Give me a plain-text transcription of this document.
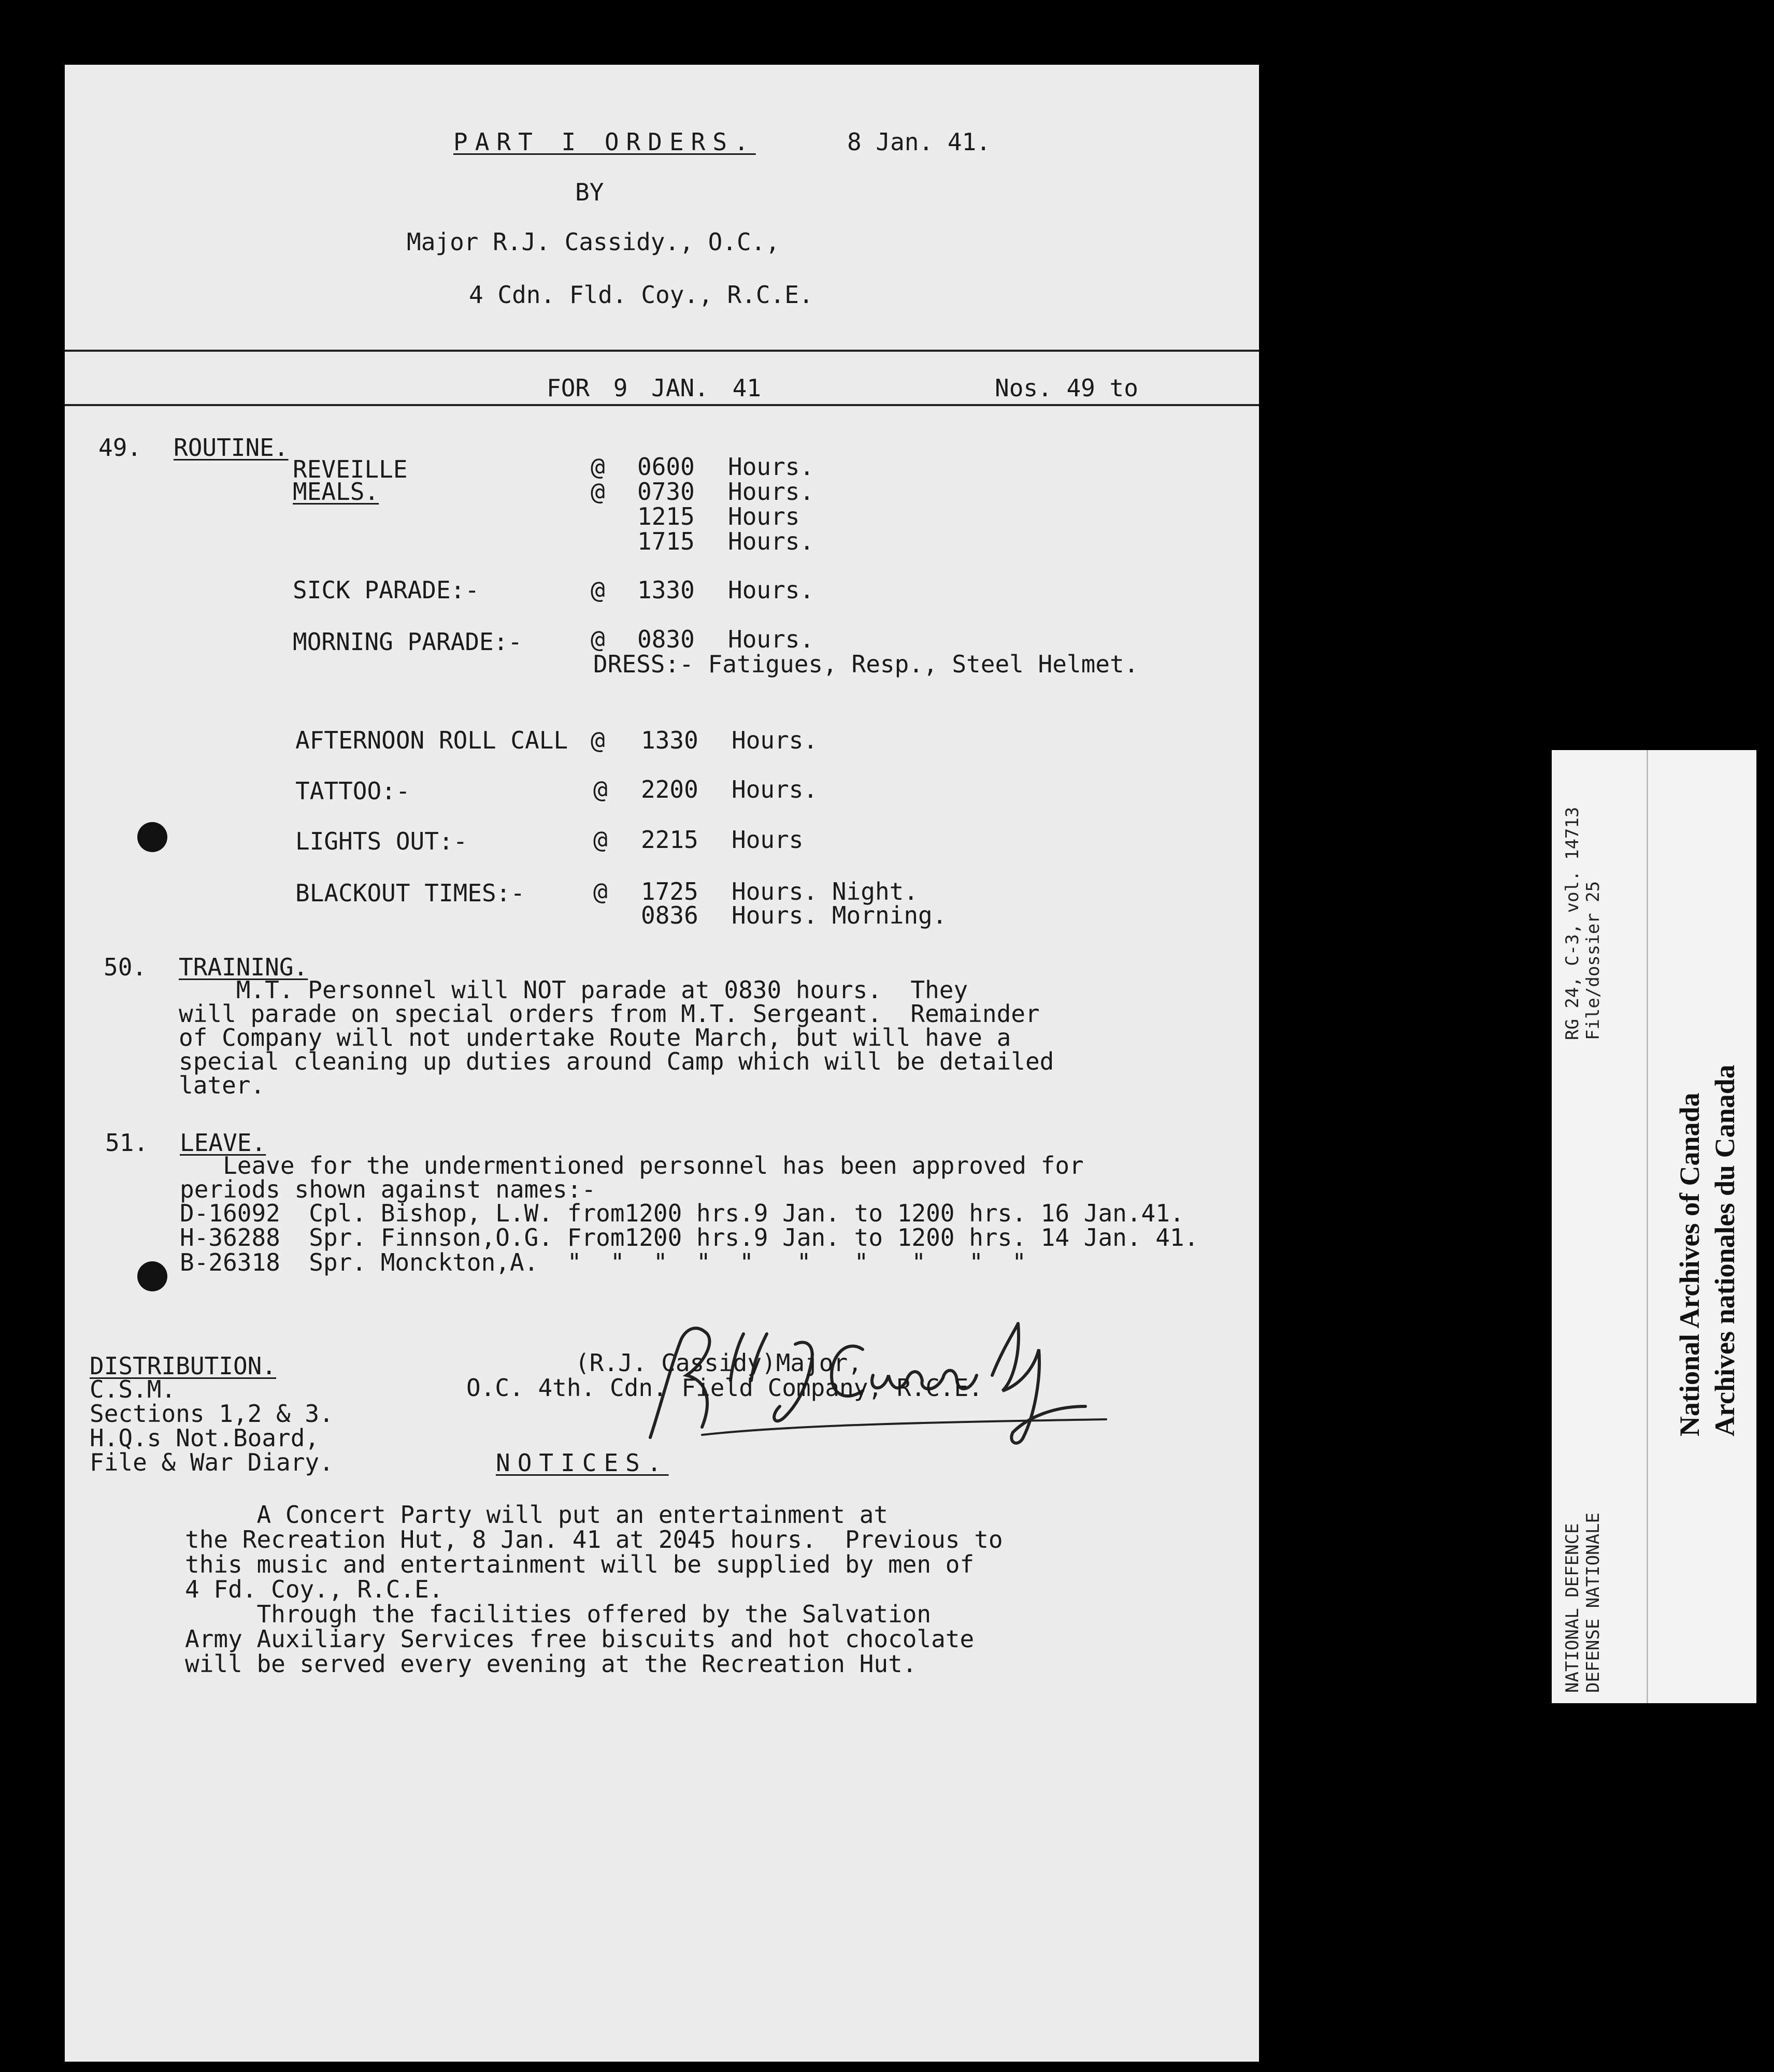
PART I ORDERS.	8 Jan. 41.
BY
Major R.J. Cassidy., O.C.,
4 Cdn. Fld. Coy., R.C.E.
FOR 9 JAN. 41	Nos. 49 to
49. ROUTINE.
REVEILLE	@ 0600 Hours.
MEALS.	@ 0730 Hours.
1215 Hours
1715 Hours.
SICK PARADE:-	@ 1330 Hours.
MORNING PARADE:-	@ 0830 Hours.
DRESS:- Fatigues, Resp., Steel Helmet.
AFTERNOON ROLL CALL @ 1330 Hours.
TATTOO:-	@ 2200 Hours.
LIGHTS OUT:-	@ 2215 Hours
BLACKOUT TIMES:-	@ 1725 Hours. Night.
0836 Hours. Morning.
50. TRAINING.
M.T. Personnel will NOT parade at 0830 hours.  They
will parade on special orders from M.T. Sergeant.  Remainder
of Company will not undertake Route March, but will have a
special cleaning up duties around Camp which will be detailed
later.
51. LEAVE.
Leave for the undermentioned personnel has been approved for
periods shown against names:-
D-16092  Cpl. Bishop, L.W. from1200 hrs.9 Jan. to 1200 hrs. 16 Jan.41.
H-36288  Spr. Finnson,O.G. From1200 hrs.9 Jan. to 1200 hrs. 14 Jan. 41.
B-26318  Spr. Monckton,A.  "  "  "  "  "   "   "   "   "  "
(R.J. Cassidy)Major,
O.C. 4th. Cdn. Field Company, R.C.E.
DISTRIBUTION.
C.S.M.
Sections 1,2 & 3.
H.Q.s Not.Board,
File & War Diary.	NOTICES.
A Concert Party will put an entertainment at
the Recreation Hut, 8 Jan. 41 at 2045 hours.  Previous to
this music and entertainment will be supplied by men of
4 Fd. Coy., R.C.E.
Through the facilities offered by the Salvation
Army Auxiliary Services free biscuits and hot chocolate
will be served every evening at the Recreation Hut.
RG 24, C-3, vol. 14713 File/dossier 25
NATIONAL DEFENCE DEFENSE NATIONALE
National Archives of Canada Archives nationales du Canada
